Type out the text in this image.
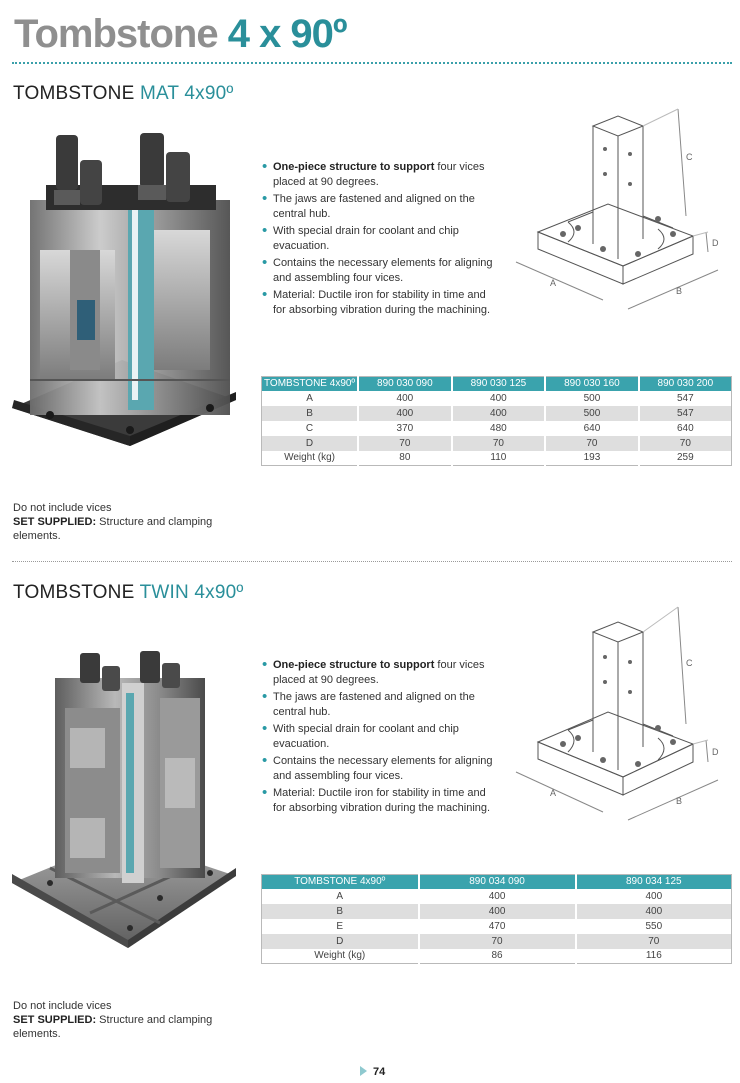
Tombstone 4 x 90º
TOMBSTONE MAT 4x90º
• One-piece structure to support four vices placed at 90 degrees.
• The jaws are fastened and aligned on the central hub.
• With special drain for coolant and chip evacuation.
• Contains the necessary elements for aligning and assembling four vices.
• Material: Ductile iron for stability in time and for absorbing vibration during the machining.
A
B
C
D
TOMBSTONE 4x90º	890 030 090	890 030 125	890 030 160	890 030 200
A	400	400	500	547
B	400	400	500	547
C	370	480	640	640
D	70	70	70	70
Weight (kg)	80	110	193	259
Do not include vices
SET SUPPLIED: Structure and clamping elements.
TOMBSTONE TWIN 4x90º
• One-piece structure to support four vices placed at 90 degrees.
• The jaws are fastened and aligned on the central hub.
• With special drain for coolant and chip evacuation.
• Contains the necessary elements for aligning and assembling four vices.
• Material: Ductile iron for stability in time and for absorbing vibration during the machining.
A
B
C
D
TOMBSTONE 4x90º	890 034 090	890 034 125
A	400	400
B	400	400
E	470	550
D	70	70
Weight (kg)	86	116
Do not include vices
SET SUPPLIED: Structure and clamping elements.
74
